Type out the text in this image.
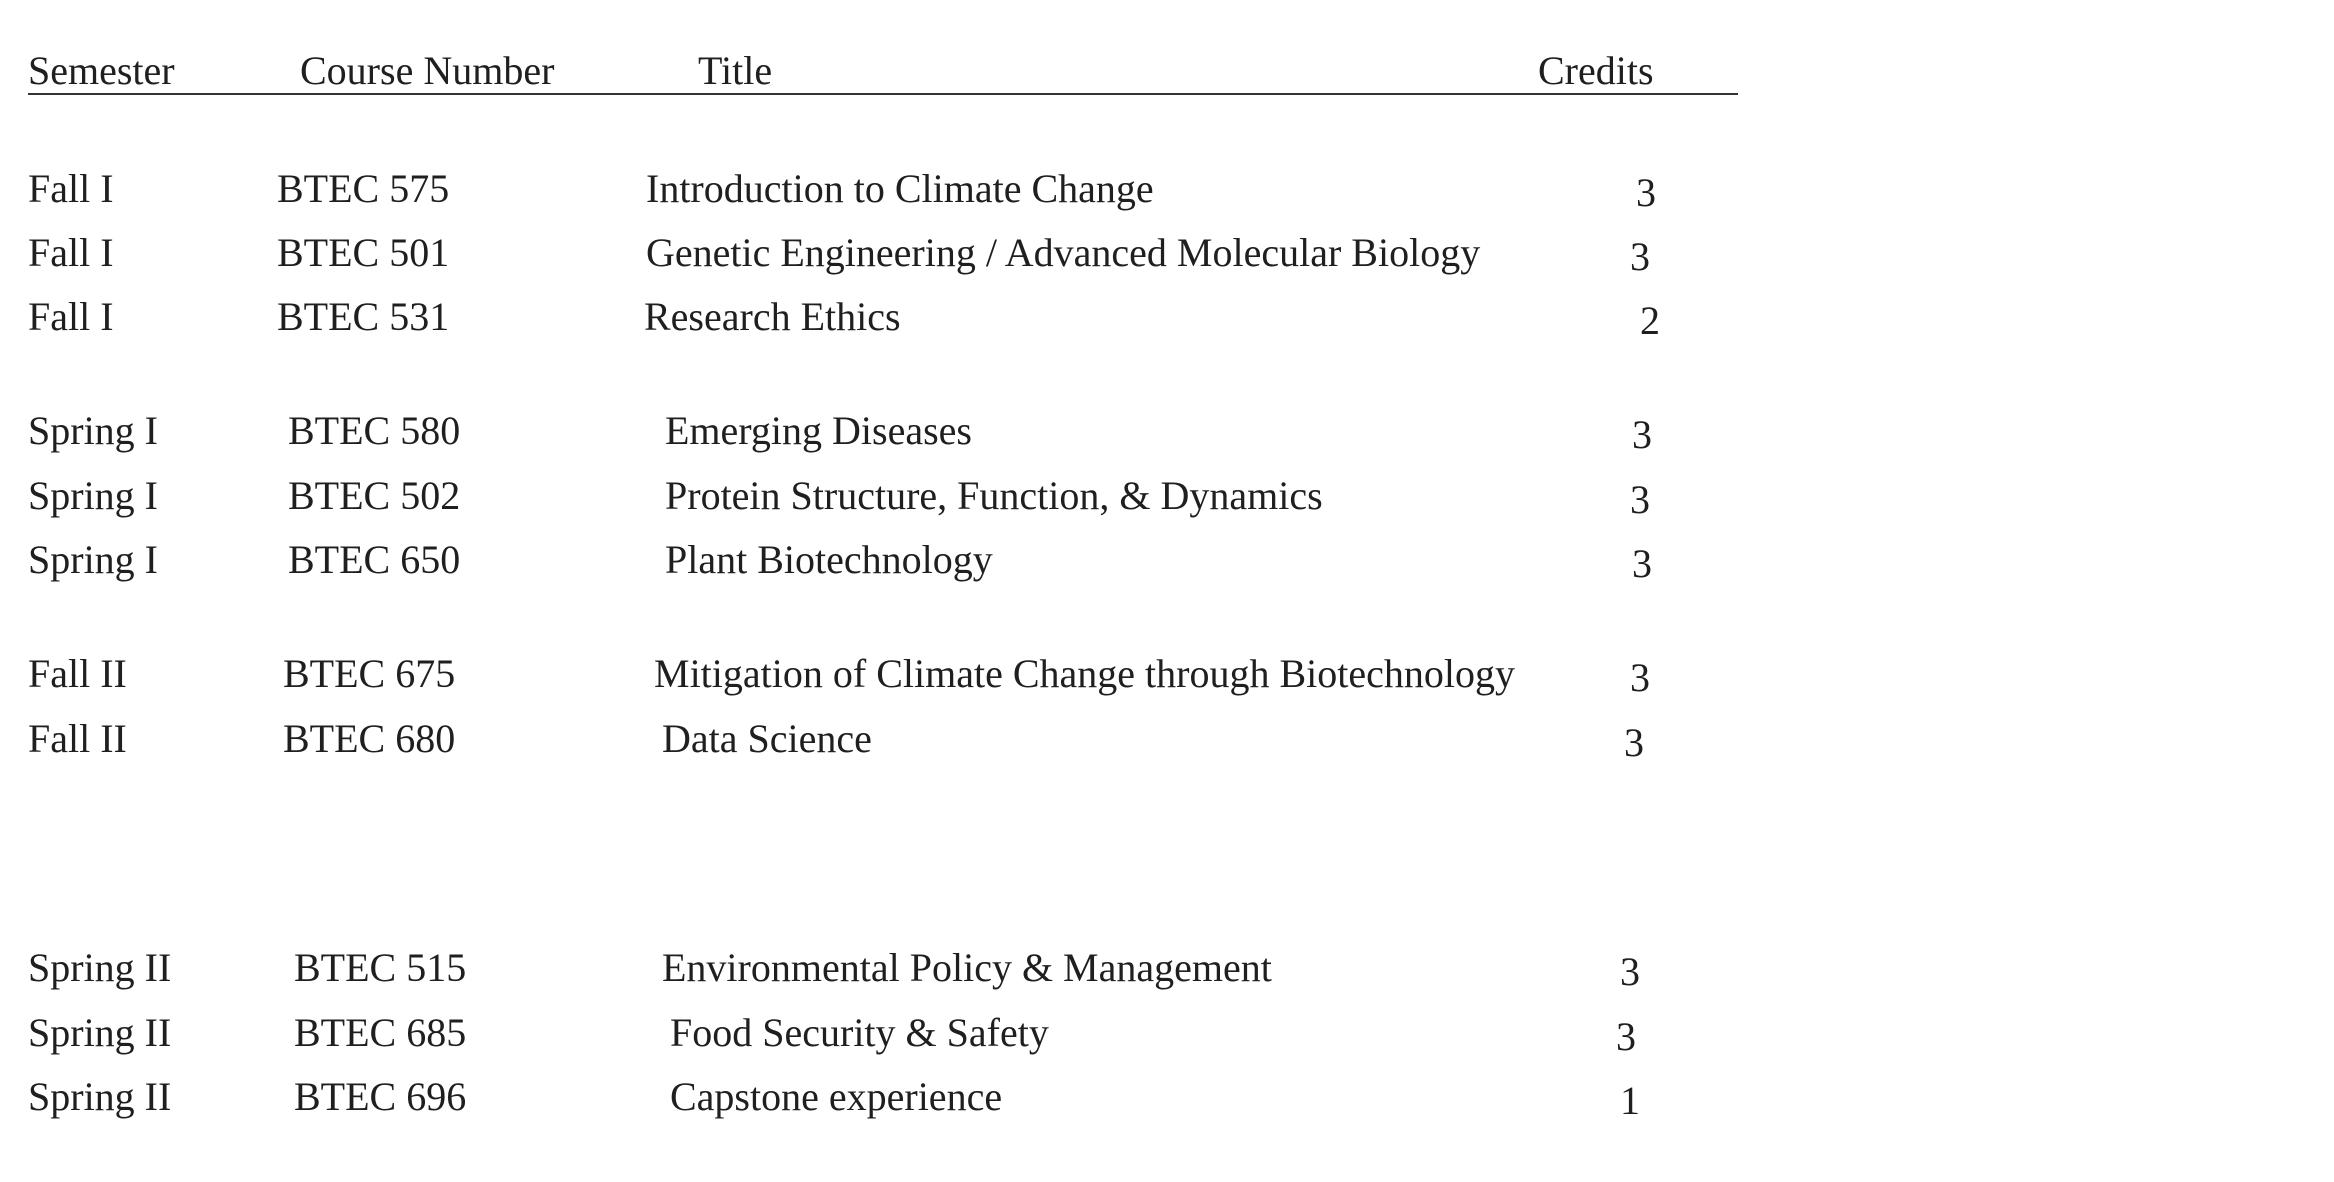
Semester	Course Number	Title	Credits
Fall I	BTEC 575	Introduction to Climate Change	3
Fall I	BTEC 501	Genetic Engineering / Advanced Molecular Biology	3
Fall I	BTEC 531	Research Ethics	2
Spring I	BTEC 580	Emerging Diseases	3
Spring I	BTEC 502	Protein Structure, Function, & Dynamics	3
Spring I	BTEC 650	Plant Biotechnology	3
Fall II	BTEC 675	Mitigation of Climate Change through Biotechnology	3
Fall II	BTEC 680	Data Science	3
Spring II	BTEC 515	Environmental Policy & Management	3
Spring II	BTEC 685	Food Security & Safety	3
Spring II	BTEC 696	Capstone experience	1
